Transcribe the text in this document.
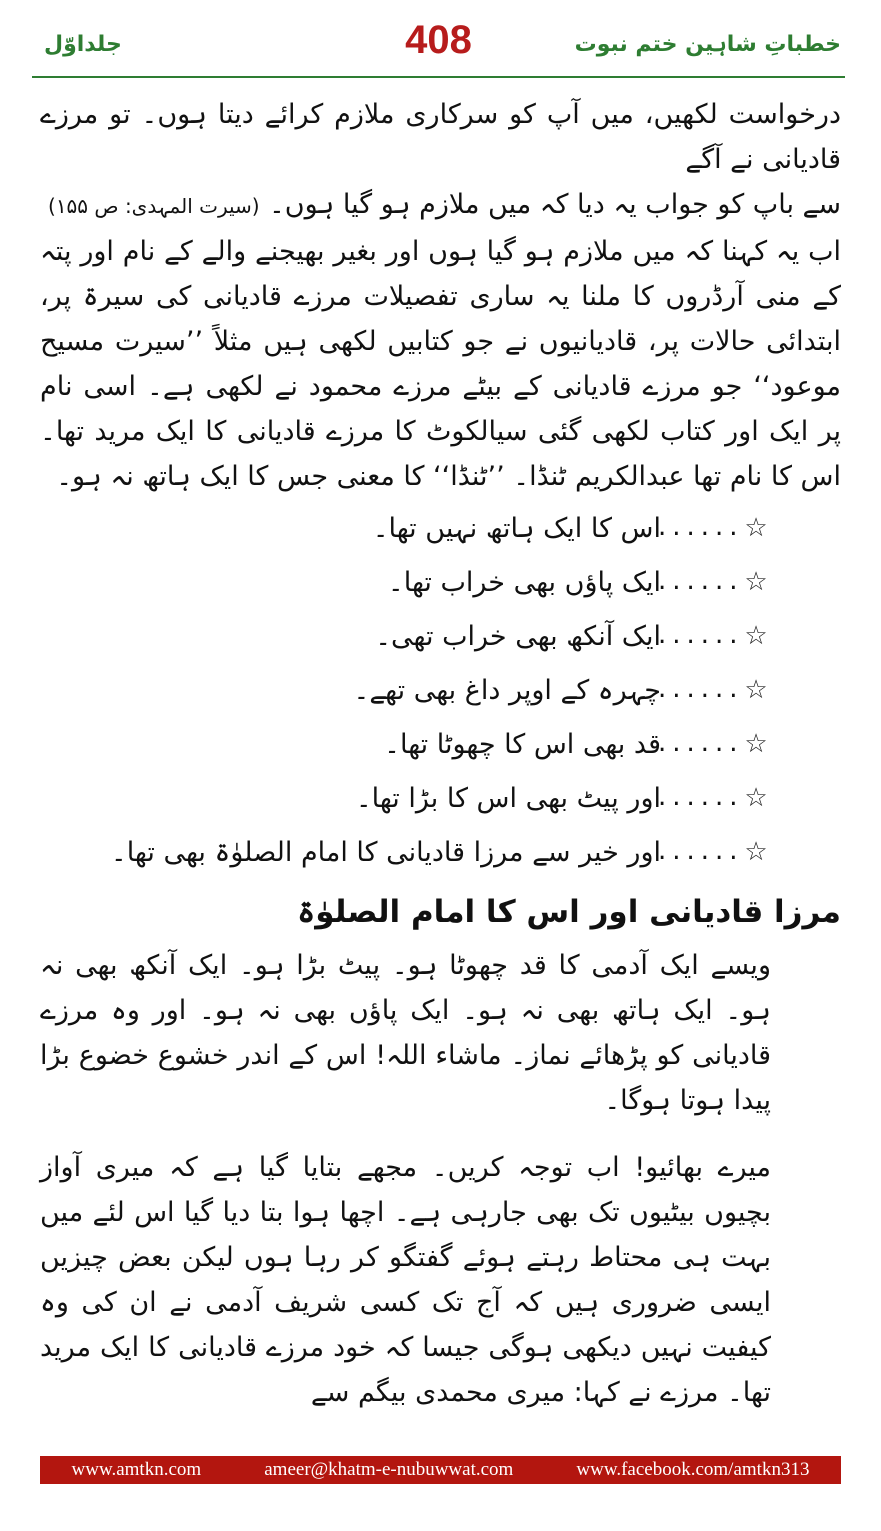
جلداوّل	408	خطباتِ شاہین ختم نبوت

درخواست لکھیں، میں آپ کو سرکاری ملازم کرائے دیتا ہوں۔ تو مرزے قادیانی نے آگے

سے باپ کو جواب یہ دیا کہ میں ملازم ہو گیا ہوں۔
(سیرت المہدی: ص ۱۵۵)

اب یہ کہنا کہ میں ملازم ہو گیا ہوں اور بغیر بھیجنے والے کے نام اور پتہ کے منی آرڈروں کا ملنا یہ ساری تفصیلات مرزے قادیانی کی سیرۃ پر، ابتدائی حالات پر، قادیانیوں نے جو کتابیں لکھی ہیں مثلاً ’’سیرت مسیح موعود‘‘ جو مرزے قادیانی کے بیٹے مرزے محمود نے لکھی ہے۔ اسی نام پر ایک اور کتاب لکھی گئی سیالکوٹ کا مرزے قادیانی کا ایک مرید تھا۔ اس کا نام تھا عبدالکریم ٹنڈا۔ ’’ٹنڈا‘‘ کا معنی جس کا ایک ہاتھ نہ ہو۔

☆
......
اس کا ایک ہاتھ نہیں تھا۔
☆
......
ایک پاؤں بھی خراب تھا۔
☆
......
ایک آنکھ بھی خراب تھی۔
☆
......
چہرہ کے اوپر داغ بھی تھے۔
☆
......
قد بھی اس کا چھوٹا تھا۔
☆
......
اور پیٹ بھی اس کا بڑا تھا۔
☆
......
اور خیر سے مرزا قادیانی کا امام الصلوٰۃ بھی تھا۔
مرزا قادیانی اور اس کا امام الصلوٰۃ

ویسے ایک آدمی کا قد چھوٹا ہو۔ پیٹ بڑا ہو۔ ایک آنکھ بھی نہ ہو۔ ایک ہاتھ بھی نہ ہو۔ ایک پاؤں بھی نہ ہو۔ اور وہ مرزے قادیانی کو پڑھائے نماز۔ ماشاء اللہ! اس کے اندر خشوع خضوع بڑا پیدا ہوتا ہوگا۔

میرے بھائیو! اب توجہ کریں۔ مجھے بتایا گیا ہے کہ میری آواز بچیوں بیٹیوں تک بھی جارہی ہے۔ اچھا ہوا بتا دیا گیا اس لئے میں بہت ہی محتاط رہتے ہوئے گفتگو کر رہا ہوں لیکن بعض چیزیں ایسی ضروری ہیں کہ آج تک کسی شریف آدمی نے ان کی وہ کیفیت نہیں دیکھی ہوگی جیسا کہ خود مرزے قادیانی کا ایک مرید تھا۔ مرزے نے کہا: میری محمدی بیگم سے

www.amtkn.com	ameer@khatm-e-nubuwwat.com	www.facebook.com/amtkn313
